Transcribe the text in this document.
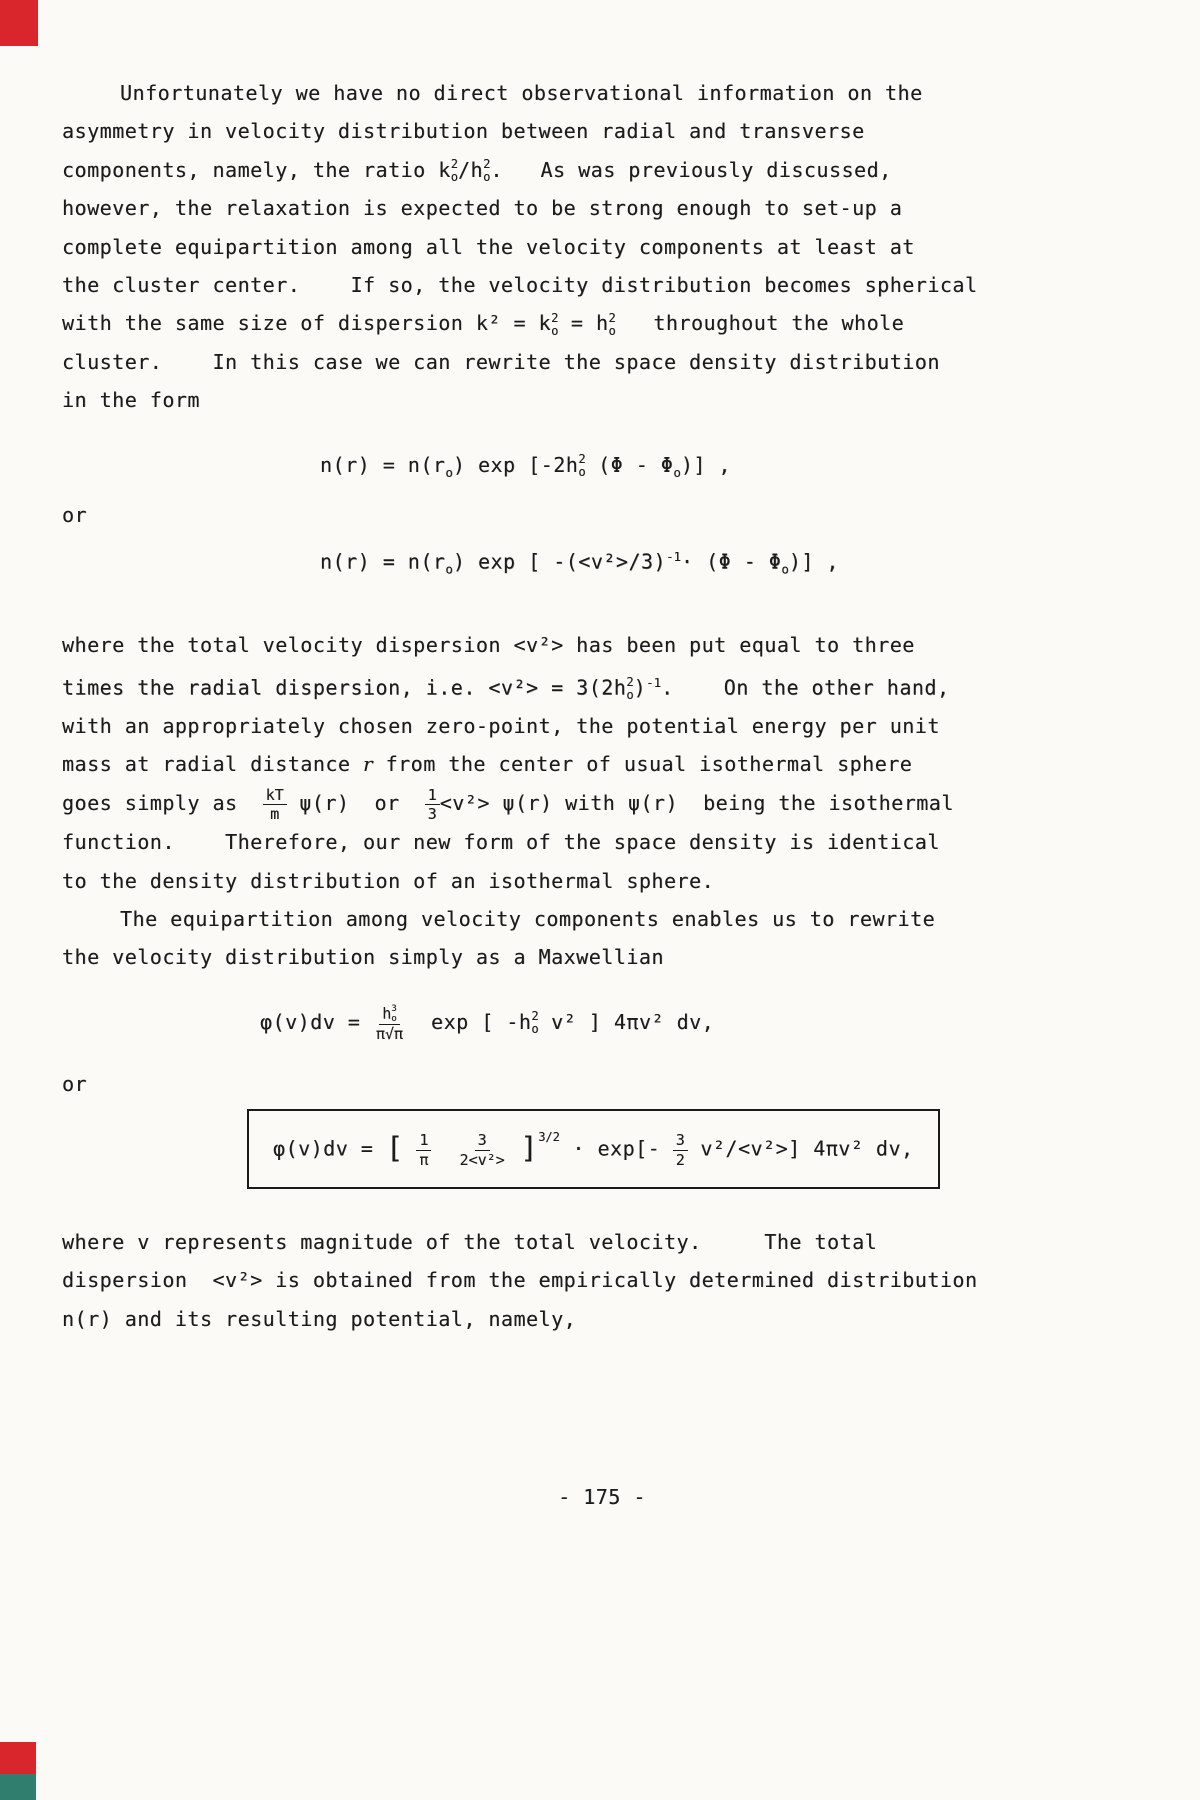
Unfortunately we have no direct observational information on the
asymmetry in velocity distribution between radial and transverse
components, namely, the ratio k 2
o /h 2
o .   As was previously discussed,
however, the relaxation is expected to be strong enough to set-up a
complete equipartition among all the velocity components at least at
the cluster center.    If so, the velocity distribution becomes spherical
with the same size of dispersion k² = k 2
o = h 2
o throughout the whole
cluster.    In this case we can rewrite the space density distribution
in the form
$n(r) = n(r_o)$ exp [-2h 2
o $(\Phi - \Phi_o)$] ,
or
$n(r) = n(r_o)$ exp [ $-(<v^2>/3)^{-1}\cdot (\Phi - \Phi_o)$] ,
where the total velocity dispersion <v²> has been put equal to three
times the radial dispersion, i.e. <v²> = 3(2h 2
o )$^{-1}$.    On the other hand,
with an appropriately chosen zero-point, the potential energy per unit
mass at radial distance r from the center of usual isothermal sphere
goes simply as $\frac{kT}{m} \psi(r)$  or $\frac{1}{3} <v^2> \psi(r)$ with ψ(r)  being the isothermal
function.    Therefore, our new form of the space density is identical
to the density distribution of an isothermal sphere.
The equipartition among velocity components enables us to rewrite
the velocity distribution simply as a Maxwellian
φ(v)dv = h 3
o
π√π exp [ -h 2
o v² ] 4πv² dv,
or
φ(v)dv = [ $\frac{1}{\pi}$
$\frac{3}{\text{2<v²>}} ]^{3/2} \cdot \exp[- \frac{3}{2} v^2/<v^2>]$ 4πv² dv,
where v represents magnitude of the total velocity.     The total
dispersion  <v²> is obtained from the empirically determined distribution
n(r) and its resulting potential, namely,
- 175 -
